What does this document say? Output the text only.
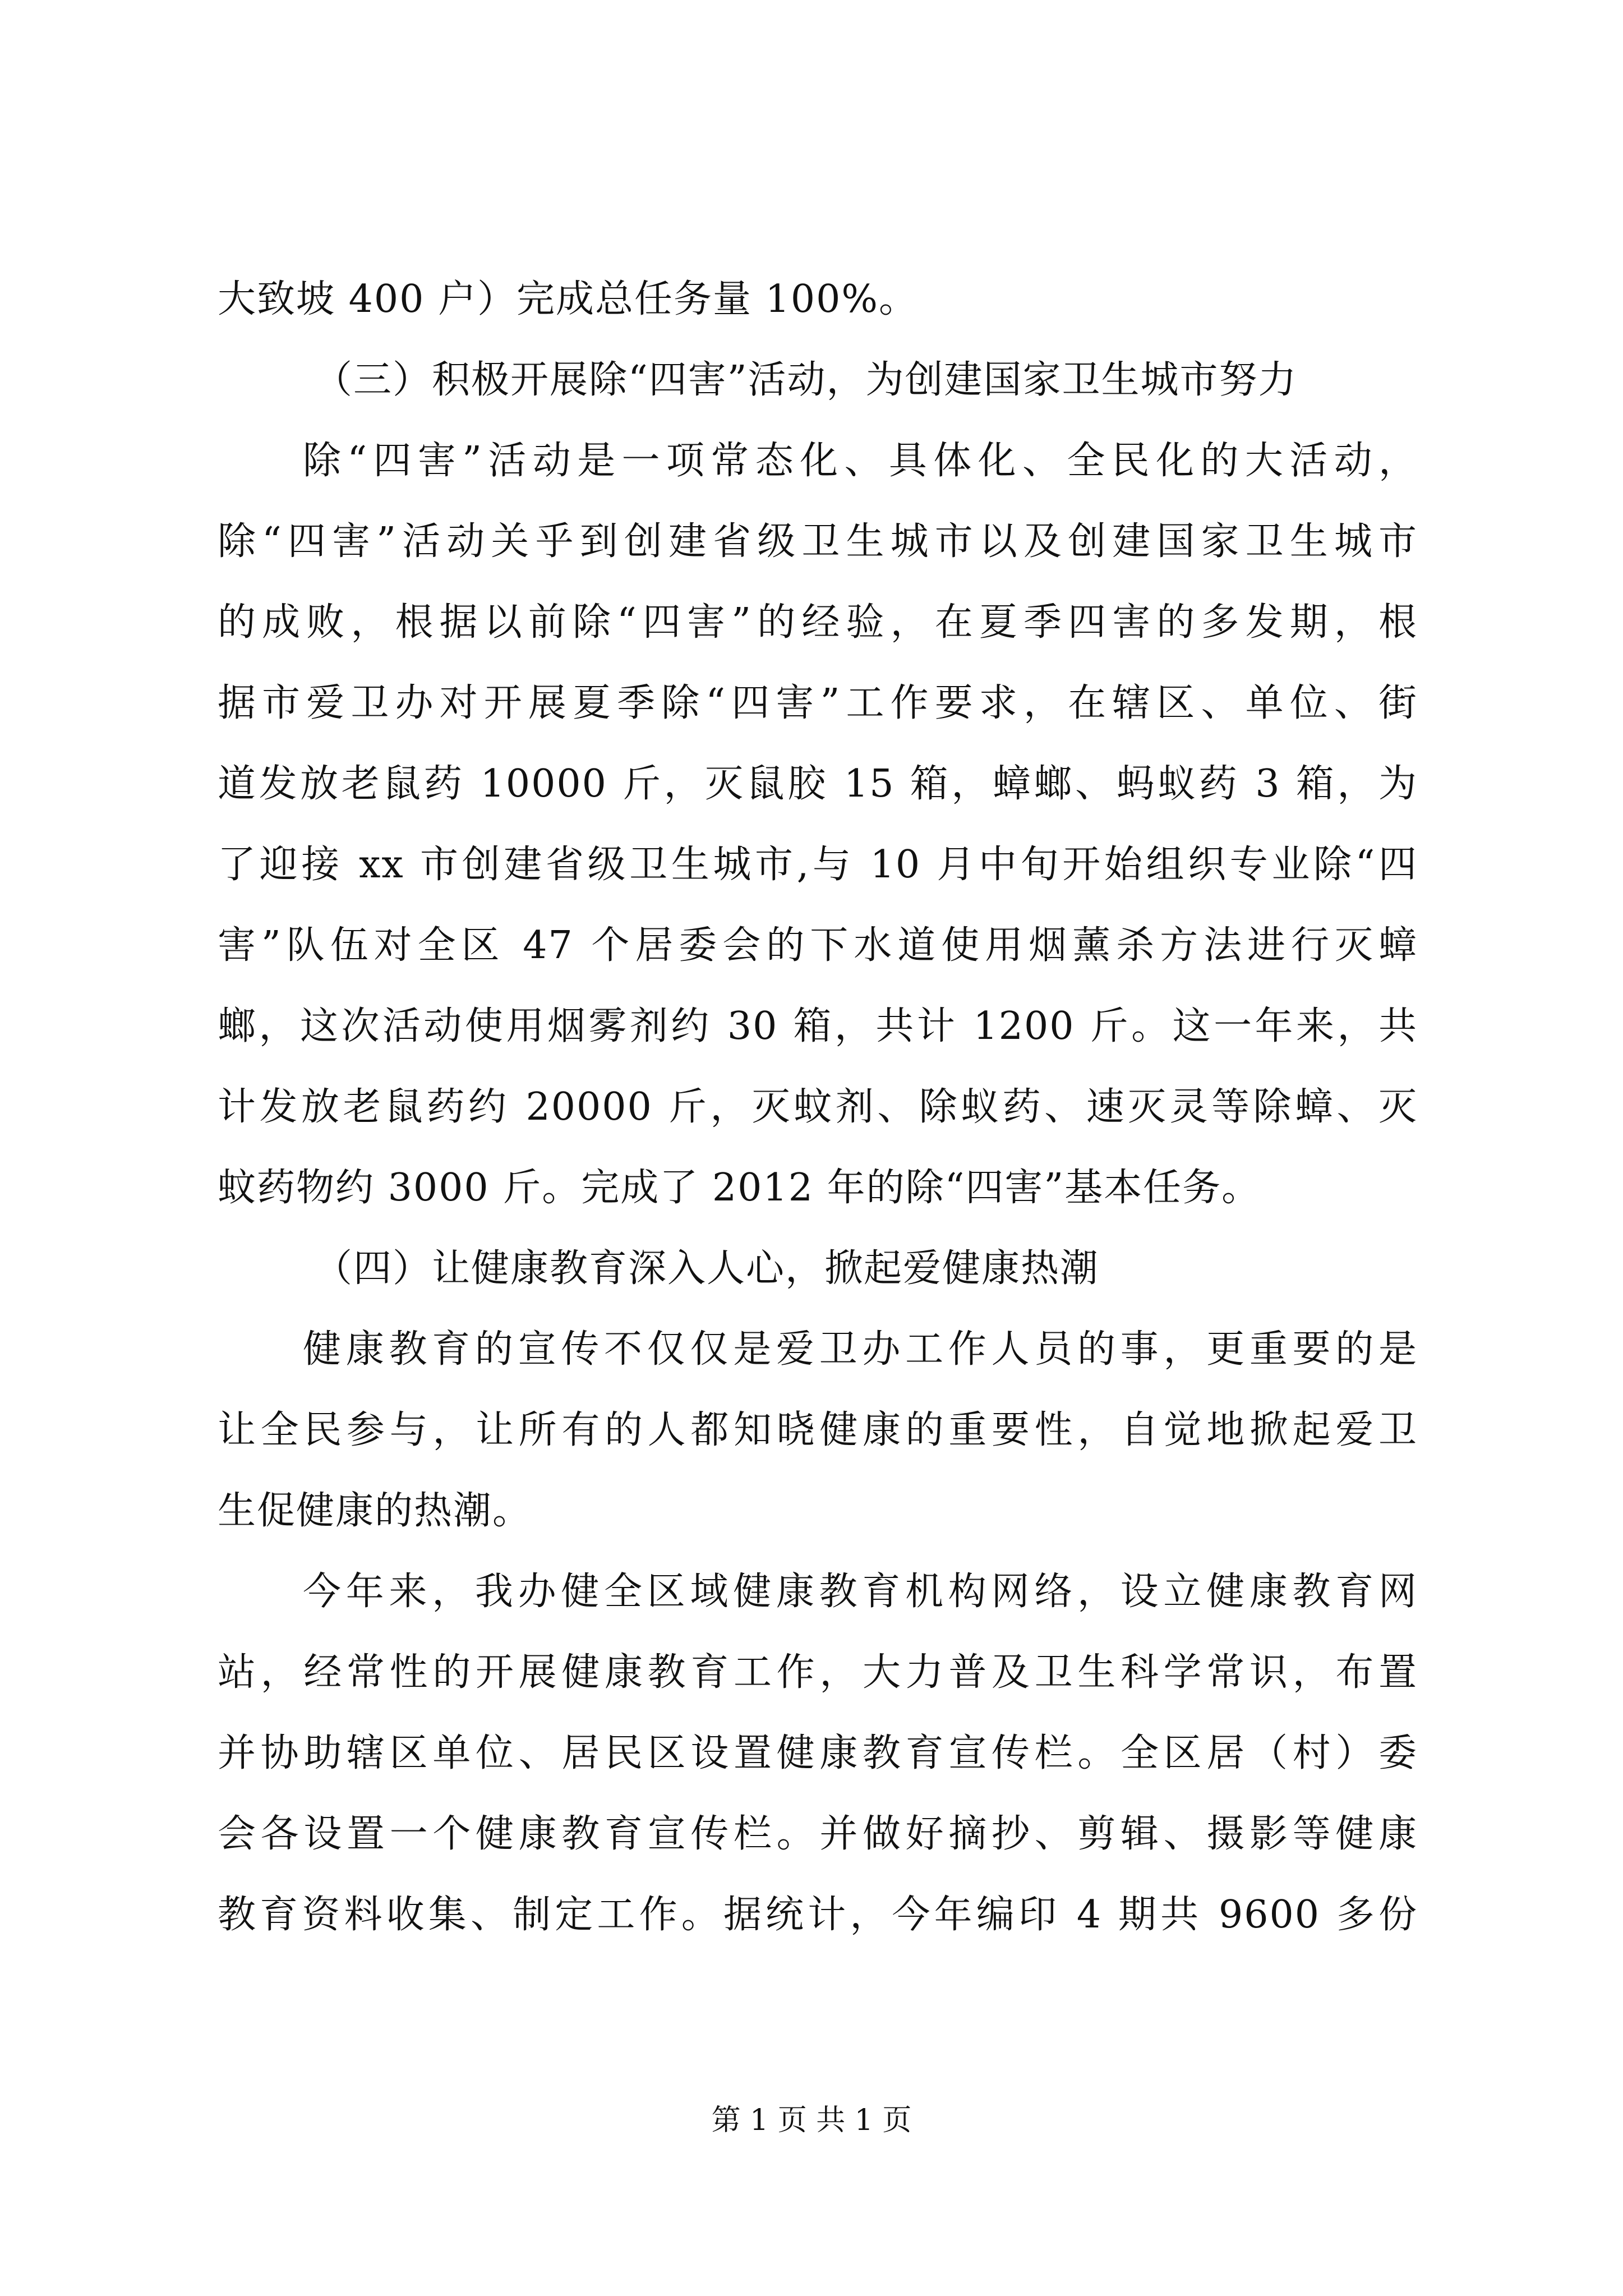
大致坡 400 户）完成总任务量 100%。
（三）积极开展除“四害”活动，为创建国家卫生城市努力
除“四害”活动是一项常态化、具体化、全民化的大活动，
除“四害”活动关乎到创建省级卫生城市以及创建国家卫生城市
的成败，根据以前除“四害”的经验，在夏季四害的多发期，根
据市爱卫办对开展夏季除“四害”工作要求，在辖区、单位、街
道发放老鼠药 10000 斤，灭鼠胶 15 箱，蟑螂、蚂蚁药 3 箱，为
了迎接 xx 市创建省级卫生城市,与 10 月中旬开始组织专业除“四
害”队伍对全区 47 个居委会的下水道使用烟薰杀方法进行灭蟑
螂，这次活动使用烟雾剂约 30 箱，共计 1200 斤。这一年来，共
计发放老鼠药约 20000 斤，灭蚊剂、除蚁药、速灭灵等除蟑、灭
蚊药物约 3000 斤。完成了 2012 年的除“四害”基本任务。
（四）让健康教育深入人心，掀起爱健康热潮
健康教育的宣传不仅仅是爱卫办工作人员的事，更重要的是
让全民参与，让所有的人都知晓健康的重要性，自觉地掀起爱卫
生促健康的热潮。
今年来，我办健全区域健康教育机构网络，设立健康教育网
站，经常性的开展健康教育工作，大力普及卫生科学常识，布置
并协助辖区单位、居民区设置健康教育宣传栏。全区居（村）委
会各设置一个健康教育宣传栏。并做好摘抄、剪辑、摄影等健康
教育资料收集、制定工作。据统计，今年编印 4 期共 9600 多份
第 1 页 共 1 页
